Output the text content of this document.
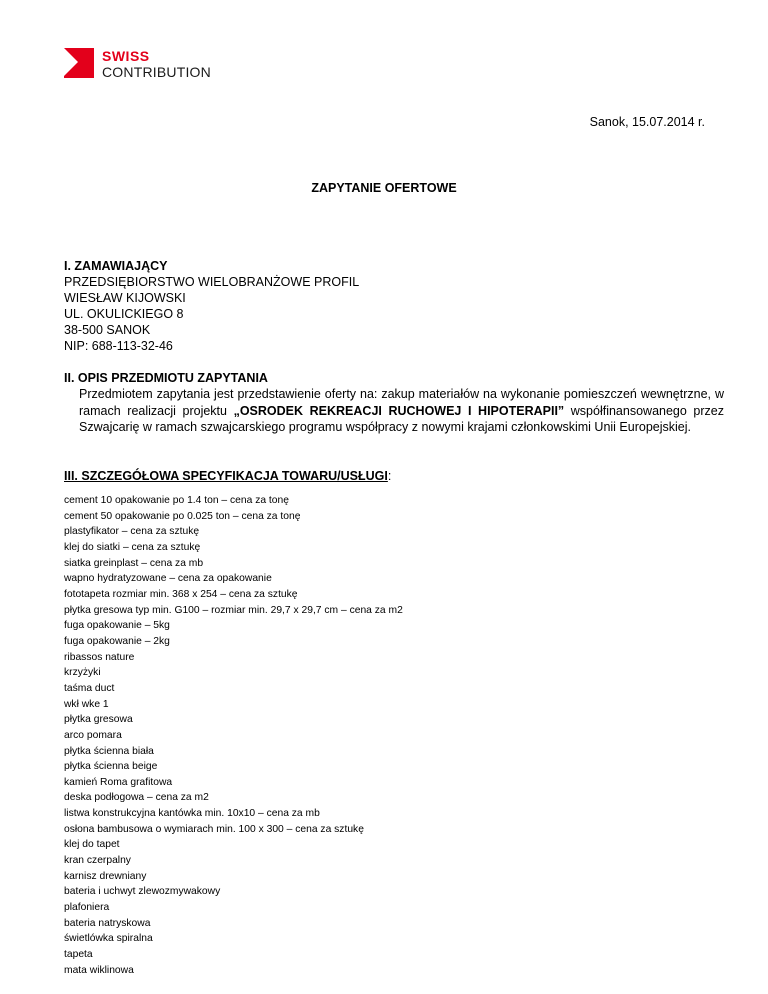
SWISS
CONTRIBUTION
Sanok, 15.07.2014 r.
ZAPYTANIE OFERTOWE
I. ZAMAWIAJĄCY
PRZEDSIĘBIORSTWO WIELOBRANŻOWE PROFIL
WIESŁAW KIJOWSKI
UL. OKULICKIEGO 8
38-500 SANOK
NIP: 688-113-32-46
II. OPIS PRZEDMIOTU ZAPYTANIA
Przedmiotem zapytania jest przedstawienie oferty na: zakup materiałów na wykonanie pomieszczeń wewnętrzne, w ramach realizacji projektu „OSRODEK REKREACJI RUCHOWEJ I HIPOTERAPII” współfinansowanego przez Szwajcarię w ramach szwajcarskiego programu współpracy z nowymi krajami członkowskimi Unii Europejskiej.
III. SZCZEGÓŁOWA SPECYFIKACJA TOWARU/USŁUGI:
cement 10 opakowanie po 1.4 ton – cena za tonę
cement 50 opakowanie po 0.025 ton – cena za tonę
plastyfikator – cena za sztukę
klej do siatki – cena za sztukę
siatka greinplast – cena za mb
wapno hydratyzowane – cena za opakowanie
fototapeta rozmiar min. 368 x 254 – cena za sztukę
płytka gresowa typ min. G100 – rozmiar min. 29,7 x 29,7 cm – cena za m2
fuga opakowanie – 5kg
fuga opakowanie – 2kg
ribassos nature
krzyżyki
taśma duct
wkł wke 1
płytka gresowa
arco pomara
płytka ścienna biała
płytka ścienna beige
kamień Roma grafitowa
deska podłogowa – cena za m2
listwa konstrukcyjna kantówka min. 10x10 – cena za mb
osłona bambusowa o wymiarach min. 100 x 300 – cena za sztukę
klej do tapet
kran czerpalny
karnisz drewniany
bateria i uchwyt zlewozmywakowy
plafoniera
bateria natryskowa
świetlówka spiralna
tapeta
mata wiklinowa
